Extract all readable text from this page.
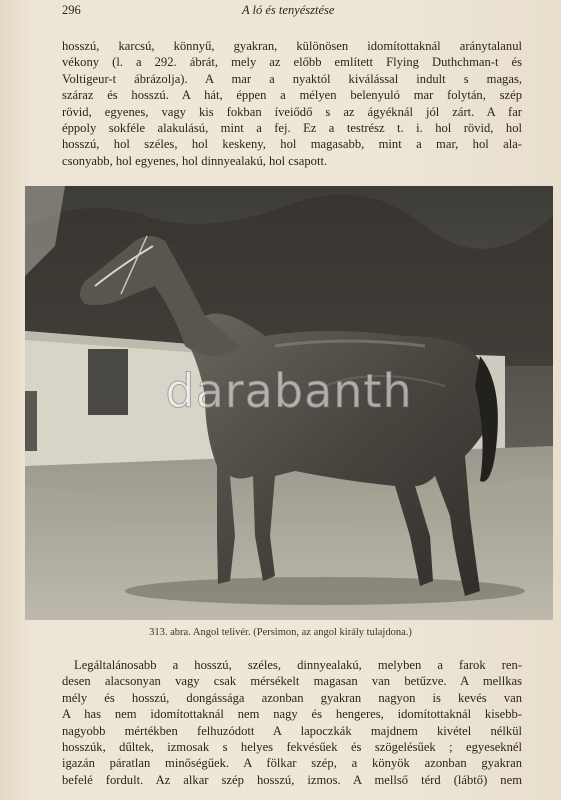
296	A ló és tenyésztése
hosszú, karcsú, könnyű, gyakran, különösen idomítottaknál aránytalanul
vékony (l. a 292. ábrát, mely az előbb említett Flying Duthchman-t és
Voltigeur-t ábrázolja). A mar a nyaktól kiválással indult s magas,
száraz és hosszú. A hát, éppen a mélyen belenyuló mar folytán, szép
rövid, egyenes, vagy kis fokban íveiődő s az ágyéknál jól zárt. A far
éppoly sokféle alakulású, mint a fej. Ez a testrész t. i. hol rövid, hol
hosszú, hol széles, hol keskeny, hol magasabb, mint a mar, hol ala-
csonyabb, hol egyenes, hol dinnyealakú, hol csapott.
darabanth
313. abra. Angol telivér. (Persimon, az angol király tulajdona.)
Legáltalánosabb a hosszú, széles, dinnyealakú, melyben a farok ren-
desen alacsonyan vagy csak mérsékelt magasan van betűzve. A mellkas
mély és hosszú, dongássága azonban gyakran nagyon is kevés van
A has nem idomítottaknál nem nagy és hengeres, idomítottaknál kisebb-
nagyobb mértékben felhuzódott A lapoczkák majdnem kivétel nélkül
hosszúk, dűltek, izmosak s helyes fekvésűek és szögelésűek ; egyeseknél
igazán páratlan minőségűek. A fölkar szép, a könyök azonban gyakran
befelé fordult. Az alkar szép hosszú, izmos. A mellső térd (lábtő) nem
